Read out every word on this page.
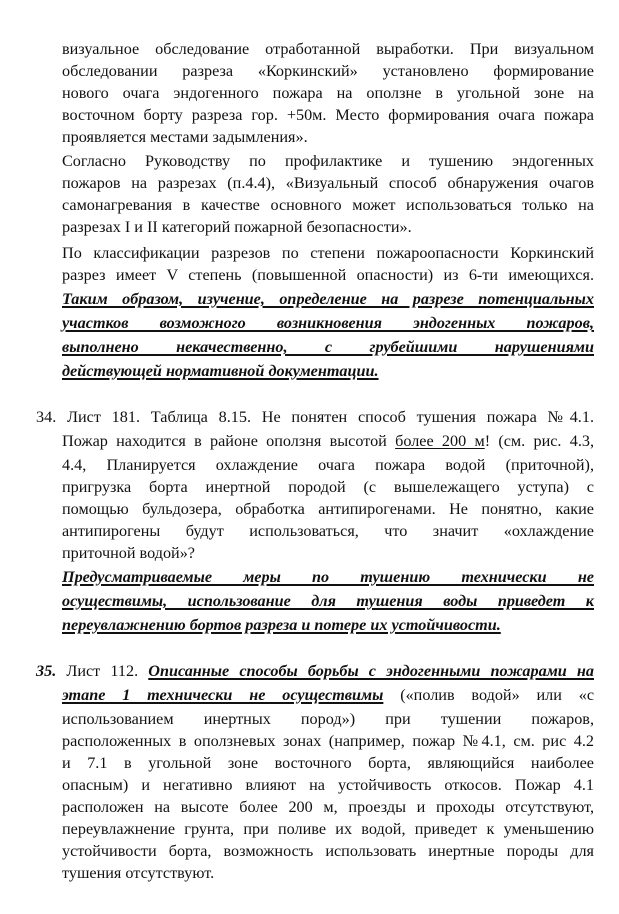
визуальное обследование отработанной выработки. При визуальном
обследовании разреза «Коркинский» установлено формирование
нового очага эндогенного пожара на оползне в угольной зоне на
восточном борту разреза гор. +50м. Место формирования очага пожара
проявляется местами задымления».
Согласно Руководству по профилактике и тушению эндогенных
пожаров на разрезах (п.4.4), «Визуальный способ обнаружения очагов
самонагревания в качестве основного может использоваться только на
разрезах I и II категорий пожарной безопасности».
По классификации разрезов по степени пожароопасности Коркинский
разрез имеет V степень (повышенной опасности) из 6-ти имеющихся.
Таким образом, изучение, определение на разрезе потенциальных
участков возможного возникновения эндогенных пожаров,
выполнено некачественно, с грубейшими нарушениями
действующей нормативной документации.
34. Лист 181. Таблица 8.15. Не понятен способ тушения пожара №4.1.
Пожар находится в районе оползня высотой более 200 м! (см. рис. 4.3,
4.4, Планируется охлаждение очага пожара водой (приточной),
пригрузка борта инертной породой (с вышележащего уступа) с
помощью бульдозера, обработка антипирогенами. Не понятно, какие
антипирогены будут использоваться, что значит «охлаждение
приточной водой»?
Предусматриваемые меры по тушению технически не
осуществимы, использование для тушения воды приведет к
переувлажнению бортов разреза и потере их устойчивости.
35. Лист 112. Описанные способы борьбы с эндогенными пожарами на
этапе 1 технически не осуществимы («полив водой» или «с
использованием инертных пород») при тушении пожаров,
расположенных в оползневых зонах (например, пожар №4.1, см. рис 4.2
и 7.1 в угольной зоне восточного борта, являющийся наиболее
опасным) и негативно влияют на устойчивость откосов. Пожар 4.1
расположен на высоте более 200 м, проезды и проходы отсутствуют,
переувлажнение грунта, при поливе их водой, приведет к уменьшению
устойчивости борта, возможность использовать инертные породы для
тушения отсутствуют.
